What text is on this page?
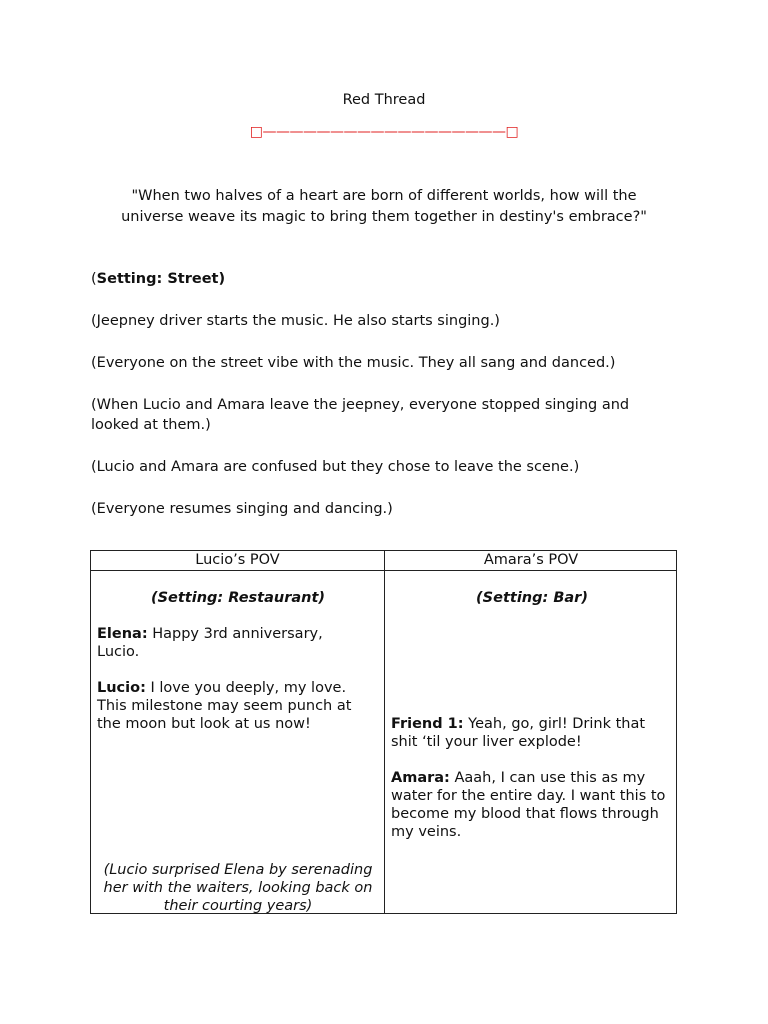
Red Thread
□——————————————————□
"When two halves of a heart are born of different worlds, how will the universe weave its magic to bring them together in destiny's embrace?"
(Setting: Street)
(Jeepney driver starts the music. He also starts singing.)
(Everyone on the street vibe with the music. They all sang and danced.)
(When Lucio and Amara leave the jeepney, everyone stopped singing and looked at them.)
(Lucio and Amara are confused but they chose to leave the scene.)
(Everyone resumes singing and dancing.)
Lucio’s POV	Amara’s POV
(Setting: Restaurant)
Elena: Happy 3rd anniversary, Lucio.
Lucio: I love you deeply, my love. This milestone may seem punch at the moon but look at us now!
(Lucio surprised Elena by serenading her with the waiters, looking back on their courting years)
(Setting: Bar)
Friend 1: Yeah, go, girl! Drink that shit ‘til your liver explode!
Amara: Aaah, I can use this as my water for the entire day. I want this to become my blood that flows through my veins.
